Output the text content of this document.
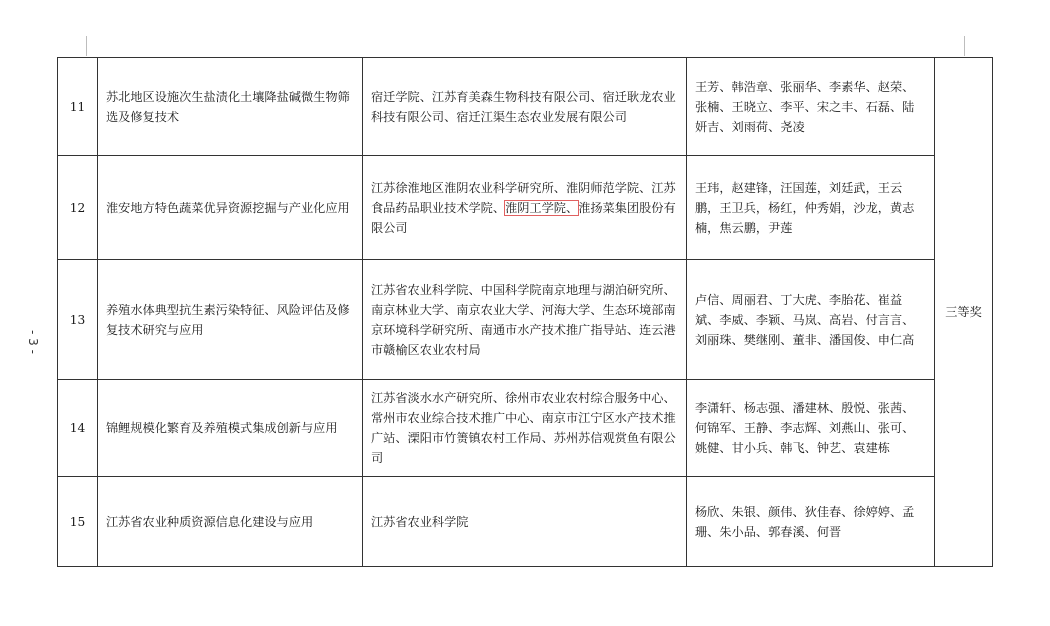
- 3 -
11	苏北地区设施次生盐渍化土壤降盐碱微生物筛选及修复技术	宿迁学院、江苏育美森生物科技有限公司、宿迁耿龙农业科技有限公司、宿迁江渠生态农业发展有限公司	王芳、韩浩章、张丽华、李素华、赵荣、张楠、王晓立、李平、宋之丰、石磊、陆妍吉、刘雨荷、尧凌	三等奖
12	淮安地方特色蔬菜优异资源挖掘与产业化应用	江苏徐淮地区淮阴农业科学研究所、淮阴师范学院、江苏食品药品职业技术学院、淮阴工学院、淮扬菜集团股份有限公司	王玮，赵建锋，汪国莲，刘廷武，王云鹏，王卫兵，杨红，仲秀娟，沙龙，黄志楠，焦云鹏，尹莲	
13	养殖水体典型抗生素污染特征、风险评估及修复技术研究与应用	江苏省农业科学院、中国科学院南京地理与湖泊研究所、南京林业大学、南京农业大学、河海大学、生态环境部南京环境科学研究所、南通市水产技术推广指导站、连云港市赣榆区农业农村局	卢信、周丽君、丁大虎、李胎花、崔益斌、李威、李颖、马岚、高岩、付言言、刘丽珠、樊继刚、董非、潘国俊、申仁高	
14	锦鲤规模化繁育及养殖模式集成创新与应用	江苏省淡水水产研究所、徐州市农业农村综合服务中心、常州市农业综合技术推广中心、南京市江宁区水产技术推广站、溧阳市竹箦镇农村工作局、苏州苏信观赏鱼有限公司	李潇轩、杨志强、潘建林、殷悦、张茜、何锦军、王静、李志辉、刘燕山、张可、姚健、甘小兵、韩飞、钟艺、袁建栋	
15	江苏省农业种质资源信息化建设与应用	江苏省农业科学院	杨欣、朱银、颜伟、狄佳春、徐婷婷、孟珊、朱小品、郭春溪、何晋	
